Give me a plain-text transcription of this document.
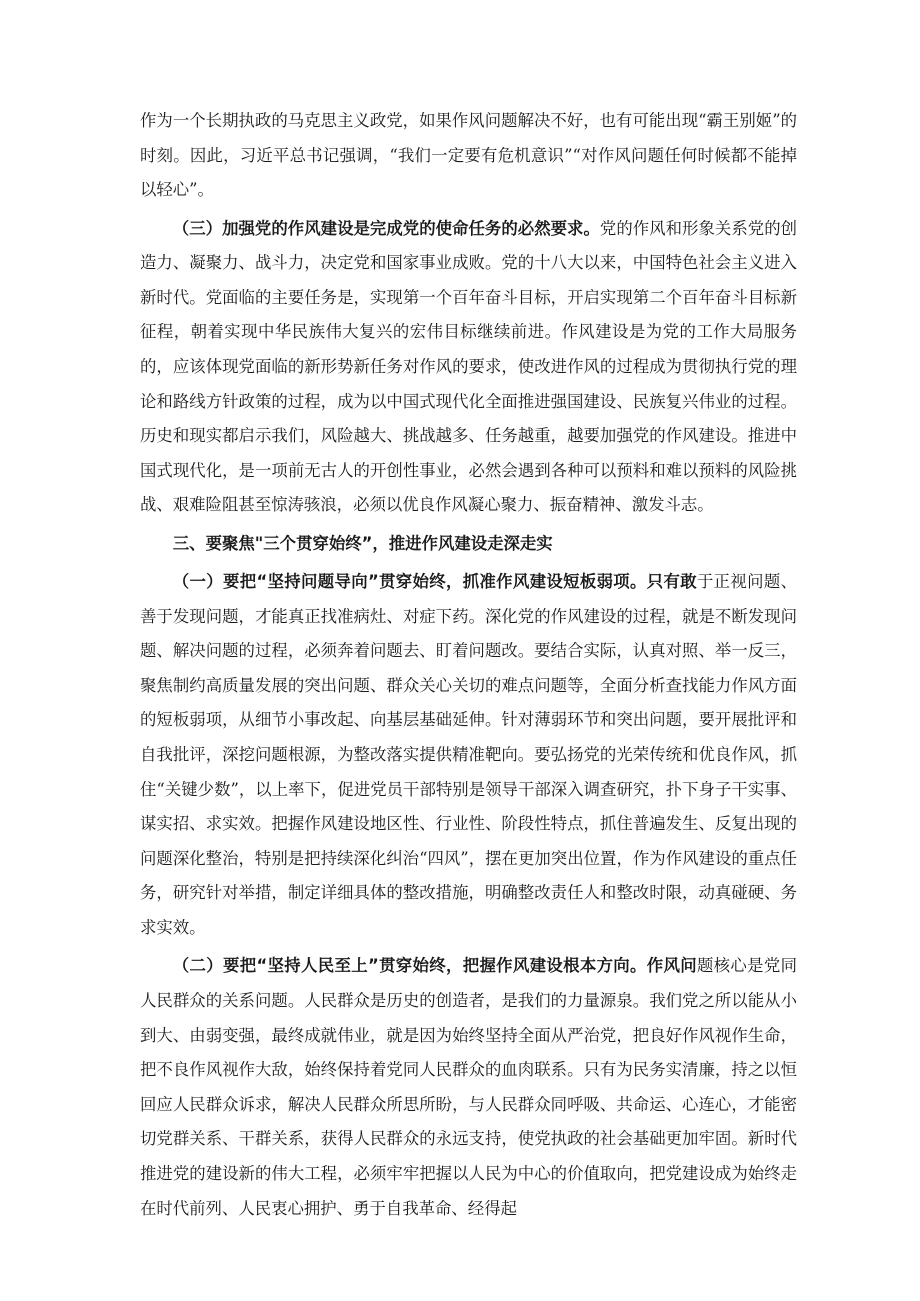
作为一个长期执政的马克思主义政党，如果作风问题解决不好，也有可能出现“霸王别姬”的时刻。因此，习近平总书记强调，“我们一定要有危机意识”“对作风问题任何时候都不能掉以轻心”。

（三）加强党的作风建设是完成党的使命任务的必然要求。党的作风和形象关系党的创造力、凝聚力、战斗力，决定党和国家事业成败。党的十八大以来，中国特色社会主义进入新时代。党面临的主要任务是，实现第一个百年奋斗目标，开启实现第二个百年奋斗目标新征程，朝着实现中华民族伟大复兴的宏伟目标继续前进。作风建设是为党的工作大局服务的，应该体现党面临的新形势新任务对作风的要求，使改进作风的过程成为贯彻执行党的理论和路线方针政策的过程，成为以中国式现代化全面推进强国建设、民族复兴伟业的过程。历史和现实都启示我们，风险越大、挑战越多、任务越重，越要加强党的作风建设。推进中国式现代化，是一项前无古人的开创性事业，必然会遇到各种可以预料和难以预料的风险挑战、艰难险阻甚至惊涛骇浪，必须以优良作风凝心聚力、振奋精神、激发斗志。

三、要聚焦"三个贯穿始终”，推进作风建设走深走实

（一）要把“坚持问题导向”贯穿始终，抓准作风建设短板弱项。只有敢于正视问题、善于发现问题，才能真正找准病灶、对症下药。深化党的作风建设的过程，就是不断发现问题、解决问题的过程，必须奔着问题去、盯着问题改。要结合实际，认真对照、举一反三，聚焦制约高质量发展的突出问题、群众关心关切的难点问题等，全面分析查找能力作风方面的短板弱项，从细节小事改起、向基层基础延伸。针对薄弱环节和突出问题，要开展批评和自我批评，深挖问题根源，为整改落实提供精准靶向。要弘扬党的光荣传统和优良作风，抓住“关键少数”，以上率下，促进党员干部特别是领导干部深入调查研究，扑下身子干实事、谋实招、求实效。把握作风建设地区性、行业性、阶段性特点，抓住普遍发生、反复出现的问题深化整治，特别是把持续深化纠治“四风”，摆在更加突出位置，作为作风建设的重点任务，研究针对举措，制定详细具体的整改措施，明确整改责任人和整改时限，动真碰硬、务求实效。

（二）要把“坚持人民至上”贯穿始终，把握作风建设根本方向。作风问题核心是党同人民群众的关系问题。人民群众是历史的创造者，是我们的力量源泉。我们党之所以能从小到大、由弱变强，最终成就伟业，就是因为始终坚持全面从严治党，把良好作风视作生命，把不良作风视作大敌，始终保持着党同人民群众的血肉联系。只有为民务实清廉，持之以恒回应人民群众诉求，解决人民群众所思所盼，与人民群众同呼吸、共命运、心连心，才能密切党群关系、干群关系，获得人民群众的永远支持，使党执政的社会基础更加牢固。新时代推进党的建设新的伟大工程，必须牢牢把握以人民为中心的价值取向，把党建设成为始终走在时代前列、人民衷心拥护、勇于自我革命、经得起
